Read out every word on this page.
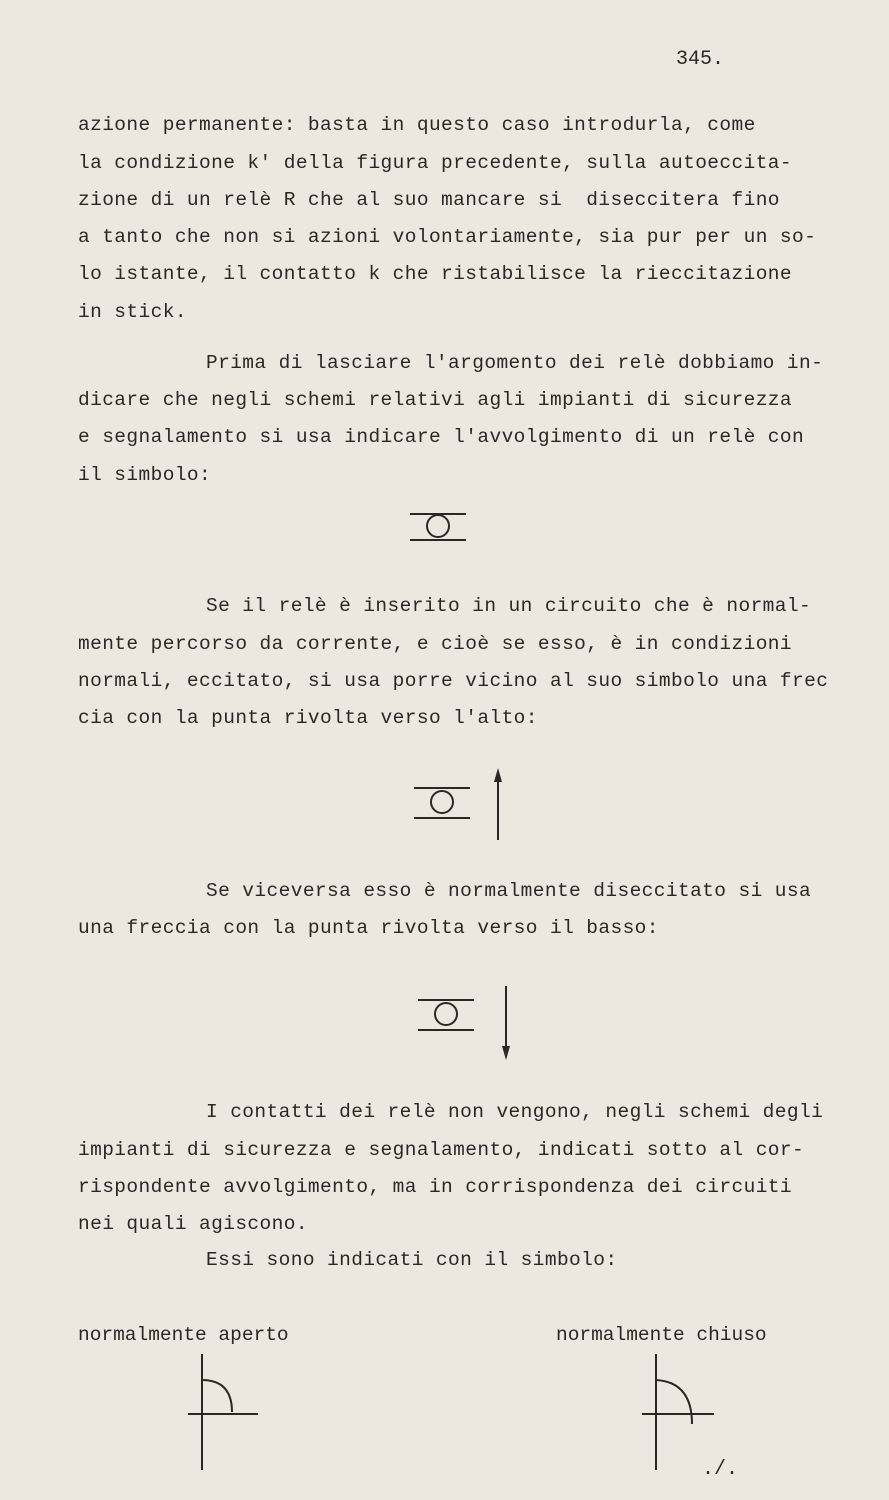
345.
azione permanente: basta in questo caso introdurla, come
la condizione k' della figura precedente, sulla autoeccita-
zione di un relè R che al suo mancare si  diseccitera fino
a tanto che non si azioni volontariamente, sia pur per un so-
lo istante, il contatto k che ristabilisce la rieccitazione
in stick.
Prima di lasciare l'argomento dei relè dobbiamo in-
dicare che negli schemi relativi agli impianti di sicurezza
e segnalamento si usa indicare l'avvolgimento di un relè con
il simbolo:
Se il relè è inserito in un circuito che è normal-
mente percorso da corrente, e cioè se esso, è in condizioni
normali, eccitato, si usa porre vicino al suo simbolo una frec
cia con la punta rivolta verso l'alto:
Se viceversa esso è normalmente diseccitato si usa
una freccia con la punta rivolta verso il basso:
I contatti dei relè non vengono, negli schemi degli
impianti di sicurezza e segnalamento, indicati sotto al cor-
rispondente avvolgimento, ma in corrispondenza dei circuiti
nei quali agiscono.
Essi sono indicati con il simbolo:
normalmente aperto	normalmente chiuso
./.
